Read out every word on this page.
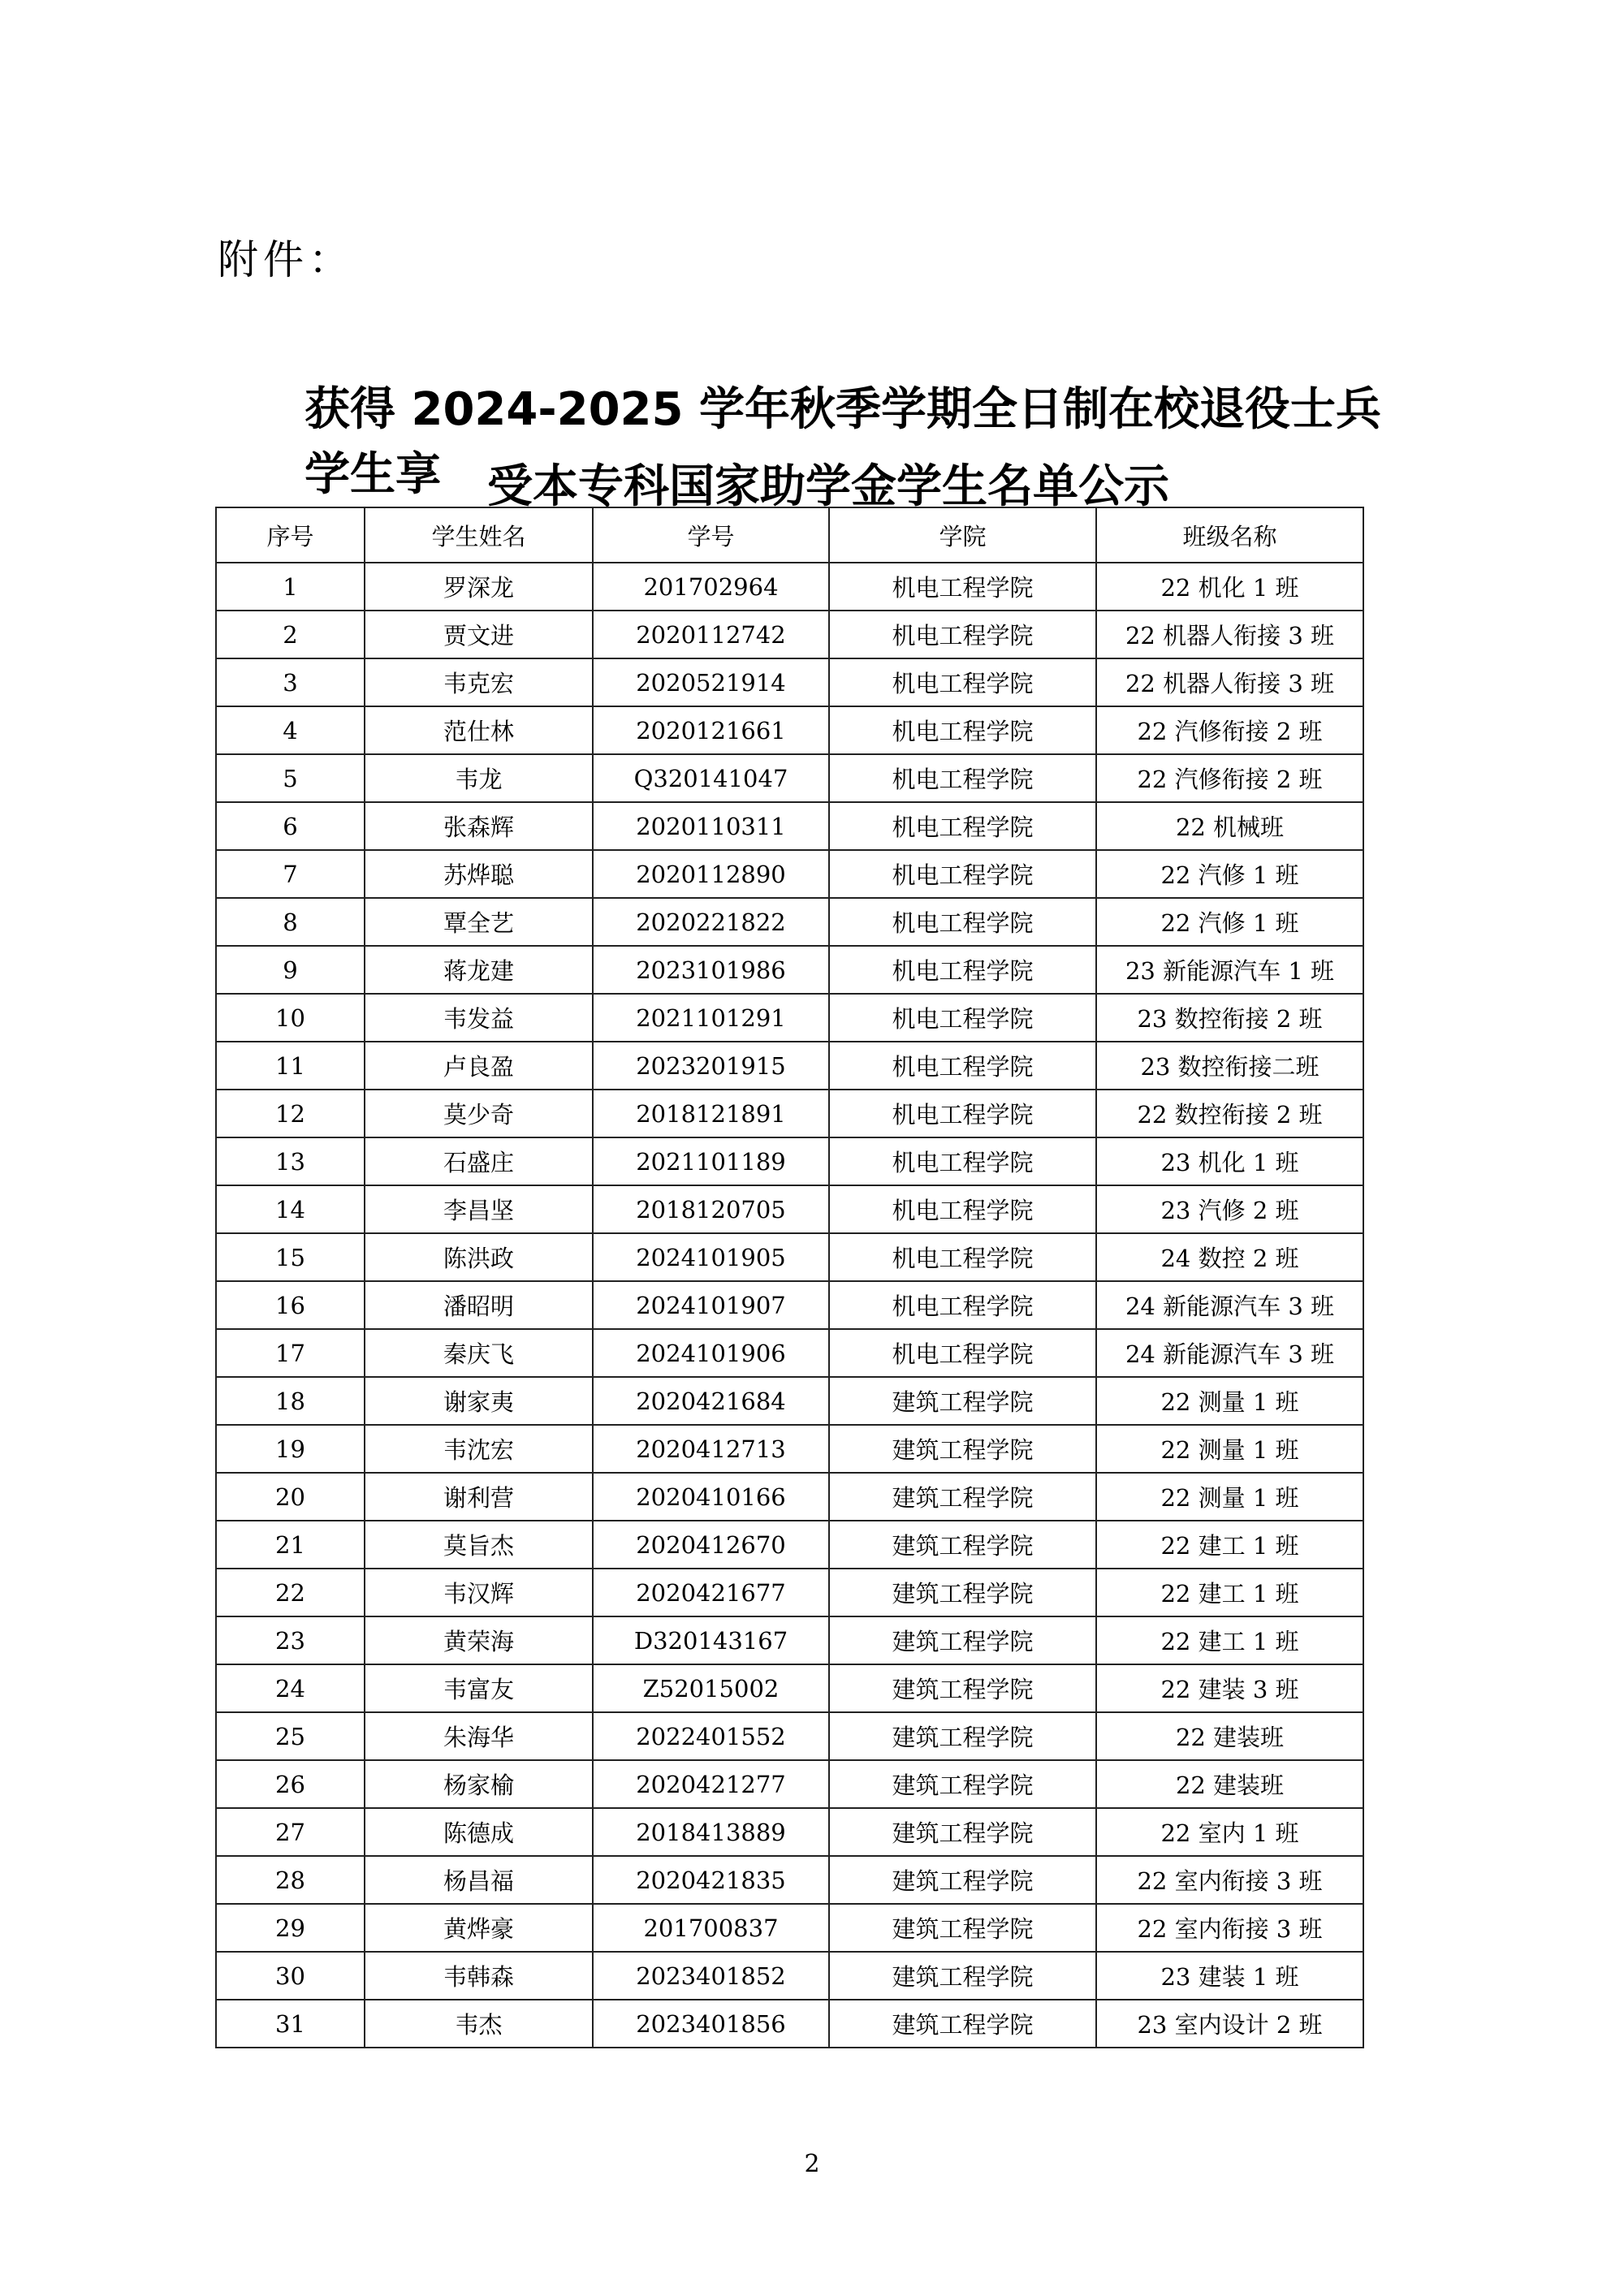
附件：
获得 2024-2025 学年秋季学期全日制在校退役士兵学生享	受本专科国家助学金学生名单公示
序号	学生姓名	学号	学院	班级名称
1	罗深龙	201702964	机电工程学院	22 机化 1 班
2	贾文进	2020112742	机电工程学院	22 机器人衔接 3 班
3	韦克宏	2020521914	机电工程学院	22 机器人衔接 3 班
4	范仕林	2020121661	机电工程学院	22 汽修衔接 2 班
5	韦龙	Q320141047	机电工程学院	22 汽修衔接 2 班
6	张森辉	2020110311	机电工程学院	22 机械班
7	苏烨聪	2020112890	机电工程学院	22 汽修 1 班
8	覃全艺	2020221822	机电工程学院	22 汽修 1 班
9	蒋龙建	2023101986	机电工程学院	23 新能源汽车 1 班
10	韦发益	2021101291	机电工程学院	23 数控衔接 2 班
11	卢良盈	2023201915	机电工程学院	23 数控衔接二班
12	莫少奇	2018121891	机电工程学院	22 数控衔接 2 班
13	石盛庄	2021101189	机电工程学院	23 机化 1 班
14	李昌坚	2018120705	机电工程学院	23 汽修 2 班
15	陈洪政	2024101905	机电工程学院	24 数控 2 班
16	潘昭明	2024101907	机电工程学院	24 新能源汽车 3 班
17	秦庆飞	2024101906	机电工程学院	24 新能源汽车 3 班
18	谢家夷	2020421684	建筑工程学院	22 测量 1 班
19	韦沈宏	2020412713	建筑工程学院	22 测量 1 班
20	谢利营	2020410166	建筑工程学院	22 测量 1 班
21	莫旨杰	2020412670	建筑工程学院	22 建工 1 班
22	韦汉辉	2020421677	建筑工程学院	22 建工 1 班
23	黄荣海	D320143167	建筑工程学院	22 建工 1 班
24	韦富友	Z52015002	建筑工程学院	22 建装 3 班
25	朱海华	2022401552	建筑工程学院	22 建装班
26	杨家榆	2020421277	建筑工程学院	22 建装班
27	陈德成	2018413889	建筑工程学院	22 室内 1 班
28	杨昌福	2020421835	建筑工程学院	22 室内衔接 3 班
29	黄烨豪	201700837	建筑工程学院	22 室内衔接 3 班
30	韦韩森	2023401852	建筑工程学院	23 建装 1 班
31	韦杰	2023401856	建筑工程学院	23 室内设计 2 班
2
